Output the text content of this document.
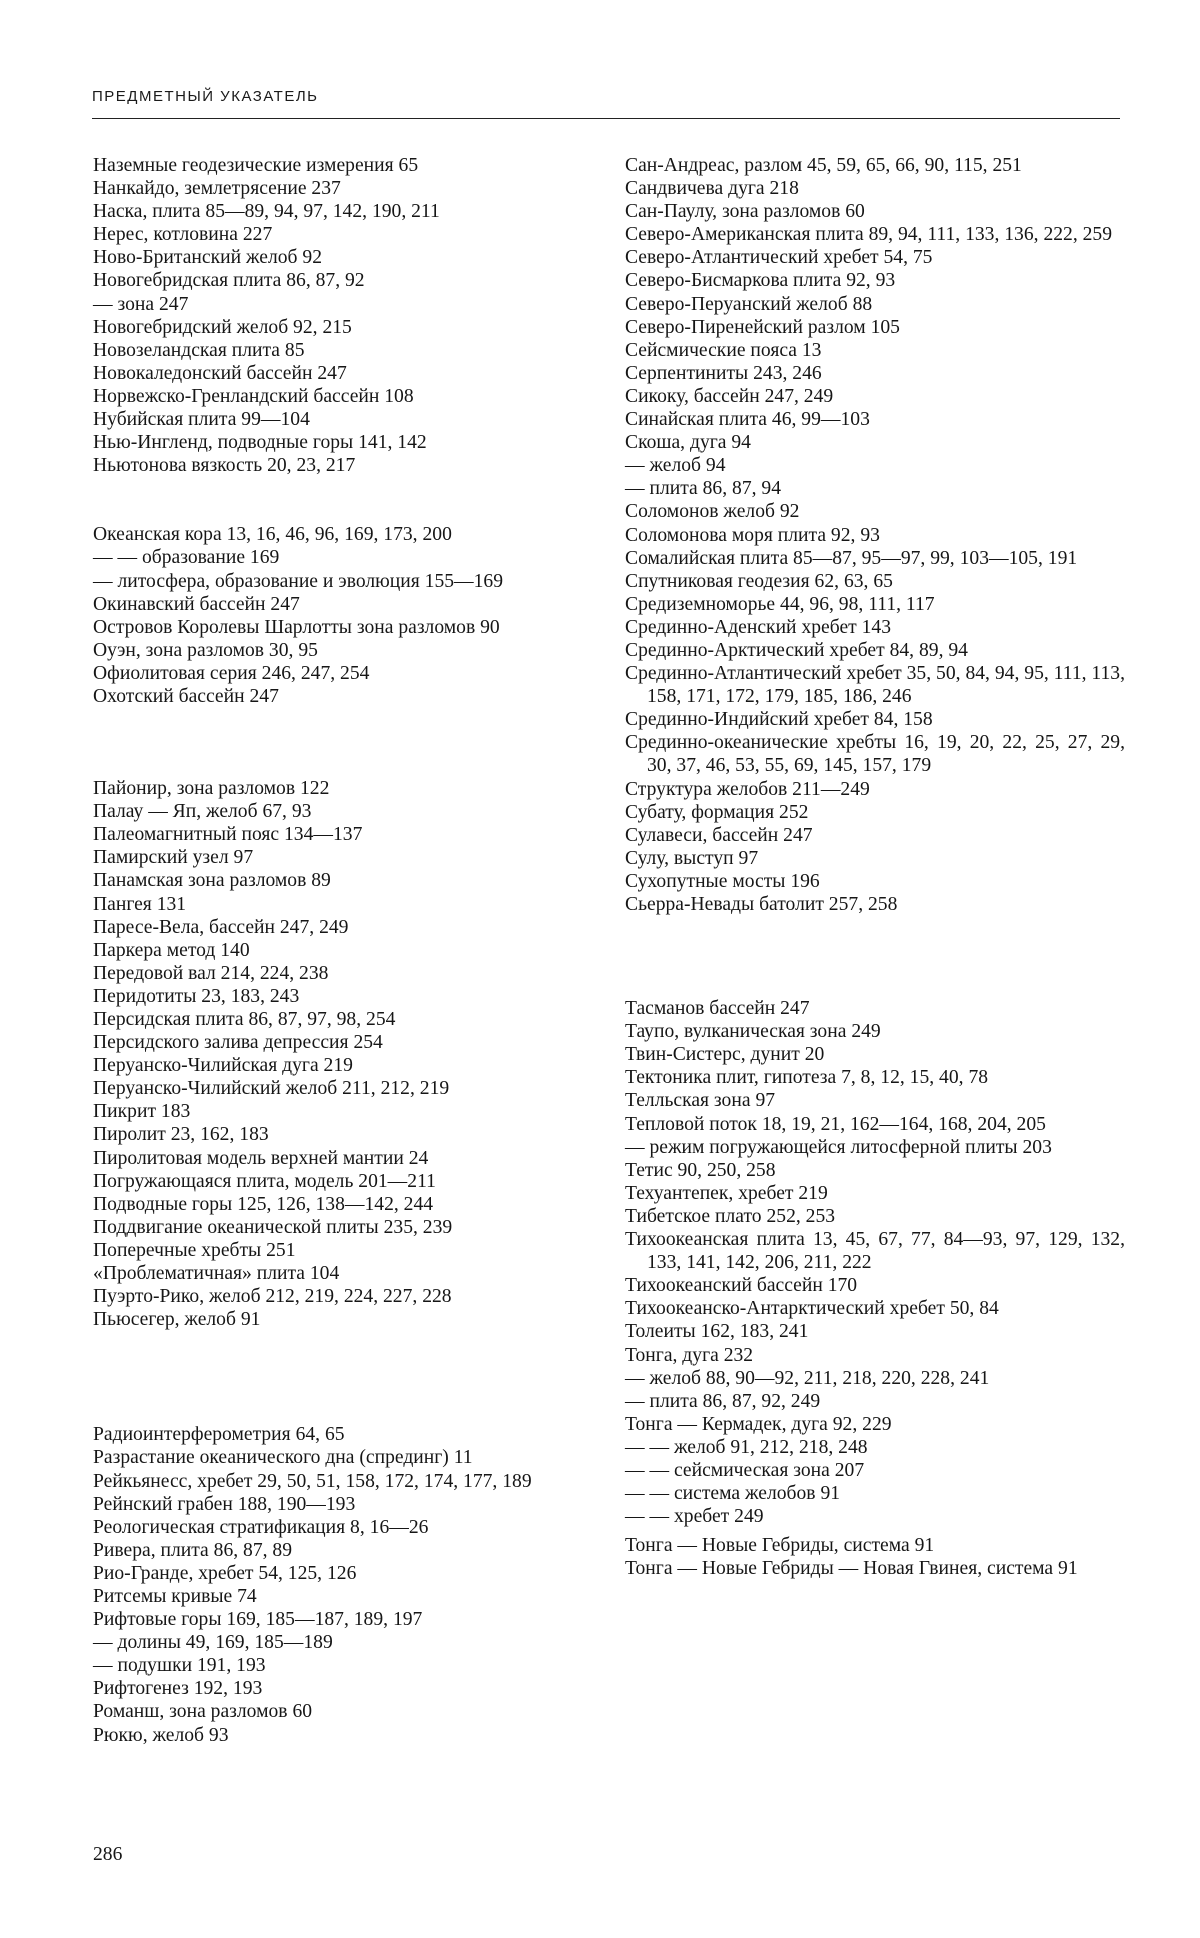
ПРЕДМЕТНЫЙ УКАЗАТЕЛЬ
Наземные геодезические измерения 65
Нанкайдо, землетрясение 237
Наска, плита 85—89, 94, 97, 142, 190, 211
Нерес, котловина 227
Ново-Британский желоб 92
Новогебридская плита 86, 87, 92
— зона 247
Новогебридский желоб 92, 215
Новозеландская плита 85
Новокаледонский бассейн 247
Норвежско-Гренландский бассейн 108
Нубийская плита 99—104
Нью-Ингленд, подводные горы 141, 142
Ньютонова вязкость 20, 23, 217
Океанская кора 13, 16, 46, 96, 169, 173, 200
— — образование 169
— литосфера, образование и эволюция 155—169
Окинавский бассейн 247
Островов Королевы Шарлотты зона разломов 90
Оуэн, зона разломов 30, 95
Офиолитовая серия 246, 247, 254
Охотский бассейн 247
Пайонир, зона разломов 122
Палау — Яп, желоб 67, 93
Палеомагнитный пояс 134—137
Памирский узел 97
Панамская зона разломов 89
Пангея 131
Паресе-Вела, бассейн 247, 249
Паркера метод 140
Передовой вал 214, 224, 238
Перидотиты 23, 183, 243
Персидская плита 86, 87, 97, 98, 254
Персидского залива депрессия 254
Перуанско-Чилийская дуга 219
Перуанско-Чилийский желоб 211, 212, 219
Пикрит 183
Пиролит 23, 162, 183
Пиролитовая модель верхней мантии 24
Погружающаяся плита, модель 201—211
Подводные горы 125, 126, 138—142, 244
Поддвигание океанической плиты 235, 239
Поперечные хребты 251
«Проблематичная» плита 104
Пуэрто-Рико, желоб 212, 219, 224, 227, 228
Пьюсегер, желоб 91
Радиоинтерферометрия 64, 65
Разрастание океанического дна (спрединг) 11
Рейкьянесс, хребет 29, 50, 51, 158, 172, 174, 177, 189
Рейнский грабен 188, 190—193
Реологическая стратификация 8, 16—26
Ривера, плита 86, 87, 89
Рио-Гранде, хребет 54, 125, 126
Ритсемы кривые 74
Рифтовые горы 169, 185—187, 189, 197
— долины 49, 169, 185—189
— подушки 191, 193
Рифтогенез 192, 193
Романш, зона разломов 60
Рюкю, желоб 93
Сан-Андреас, разлом 45, 59, 65, 66, 90, 115, 251
Сандвичева дуга 218
Сан-Паулу, зона разломов 60
Северо-Американская плита 89, 94, 111, 133, 136, 222, 259
Северо-Атлантический хребет 54, 75
Северо-Бисмаркова плита 92, 93
Северо-Перуанский желоб 88
Северо-Пиренейский разлом 105
Сейсмические пояса 13
Серпентиниты 243, 246
Сикоку, бассейн 247, 249
Синайская плита 46, 99—103
Скоша, дуга 94
— желоб 94
— плита 86, 87, 94
Соломонов желоб 92
Соломонова моря плита 92, 93
Сомалийская плита 85—87, 95—97, 99, 103—105, 191
Спутниковая геодезия 62, 63, 65
Средиземноморье 44, 96, 98, 111, 117
Срединно-Аденский хребет 143
Срединно-Арктический хребет 84, 89, 94
Срединно-Атлантический хребет 35, 50, 84, 94, 95, 111, 113, 158, 171, 172, 179, 185, 186, 246
Срединно-Индийский хребет 84, 158
Срединно-океанические хребты 16, 19, 20, 22, 25, 27, 29, 30, 37, 46, 53, 55, 69, 145, 157, 179
Структура желобов 211—249
Субату, формация 252
Сулавеси, бассейн 247
Сулу, выступ 97
Сухопутные мосты 196
Сьерра-Невады батолит 257, 258
Тасманов бассейн 247
Таупо, вулканическая зона 249
Твин-Систерс, дунит 20
Тектоника плит, гипотеза 7, 8, 12, 15, 40, 78
Телльская зона 97
Тепловой поток 18, 19, 21, 162—164, 168, 204, 205
— режим погружающейся литосферной плиты 203
Тетис 90, 250, 258
Техуантепек, хребет 219
Тибетское плато 252, 253
Тихоокеанская плита 13, 45, 67, 77, 84—93, 97, 129, 132, 133, 141, 142, 206, 211, 222
Тихоокеанский бассейн 170
Тихоокеанско-Антарктический хребет 50, 84
Толеиты 162, 183, 241
Тонга, дуга 232
— желоб 88, 90—92, 211, 218, 220, 228, 241
— плита 86, 87, 92, 249
Тонга — Кермадек, дуга 92, 229
— — желоб 91, 212, 218, 248
— — сейсмическая зона 207
— — система желобов 91
— — хребет 249
Тонга — Новые Гебриды, система 91
Тонга — Новые Гебриды — Новая Гвинея, система 91
286
